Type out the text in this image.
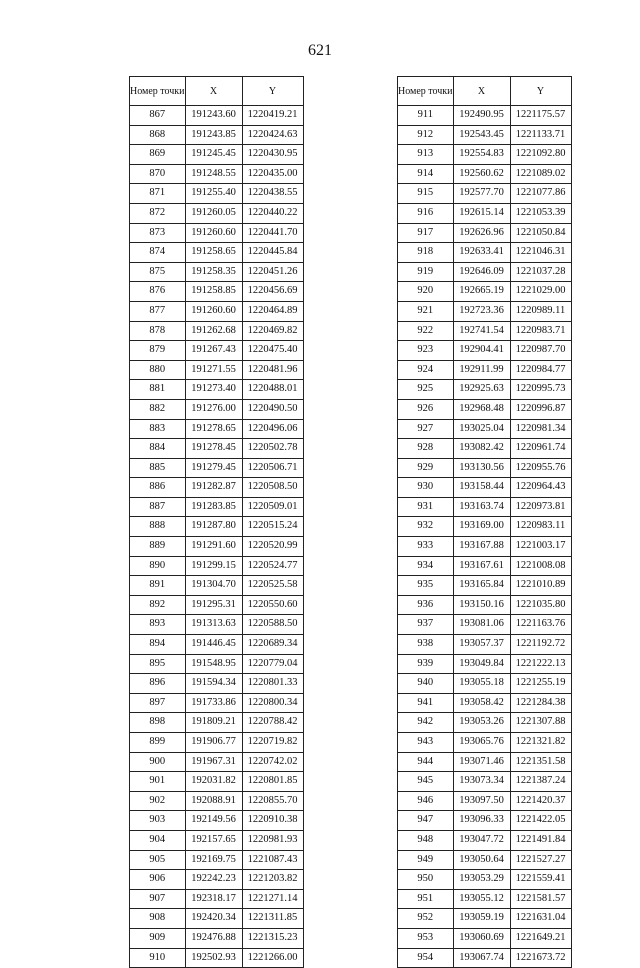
621
Номер точки	X	Y
867	191243.60	1220419.21
868	191243.85	1220424.63
869	191245.45	1220430.95
870	191248.55	1220435.00
871	191255.40	1220438.55
872	191260.05	1220440.22
873	191260.60	1220441.70
874	191258.65	1220445.84
875	191258.35	1220451.26
876	191258.85	1220456.69
877	191260.60	1220464.89
878	191262.68	1220469.82
879	191267.43	1220475.40
880	191271.55	1220481.96
881	191273.40	1220488.01
882	191276.00	1220490.50
883	191278.65	1220496.06
884	191278.45	1220502.78
885	191279.45	1220506.71
886	191282.87	1220508.50
887	191283.85	1220509.01
888	191287.80	1220515.24
889	191291.60	1220520.99
890	191299.15	1220524.77
891	191304.70	1220525.58
892	191295.31	1220550.60
893	191313.63	1220588.50
894	191446.45	1220689.34
895	191548.95	1220779.04
896	191594.34	1220801.33
897	191733.86	1220800.34
898	191809.21	1220788.42
899	191906.77	1220719.82
900	191967.31	1220742.02
901	192031.82	1220801.85
902	192088.91	1220855.70
903	192149.56	1220910.38
904	192157.65	1220981.93
905	192169.75	1221087.43
906	192242.23	1221203.82
907	192318.17	1221271.14
908	192420.34	1221311.85
909	192476.88	1221315.23
910	192502.93	1221266.00
Номер точки	X	Y
911	192490.95	1221175.57
912	192543.45	1221133.71
913	192554.83	1221092.80
914	192560.62	1221089.02
915	192577.70	1221077.86
916	192615.14	1221053.39
917	192626.96	1221050.84
918	192633.41	1221046.31
919	192646.09	1221037.28
920	192665.19	1221029.00
921	192723.36	1220989.11
922	192741.54	1220983.71
923	192904.41	1220987.70
924	192911.99	1220984.77
925	192925.63	1220995.73
926	192968.48	1220996.87
927	193025.04	1220981.34
928	193082.42	1220961.74
929	193130.56	1220955.76
930	193158.44	1220964.43
931	193163.74	1220973.81
932	193169.00	1220983.11
933	193167.88	1221003.17
934	193167.61	1221008.08
935	193165.84	1221010.89
936	193150.16	1221035.80
937	193081.06	1221163.76
938	193057.37	1221192.72
939	193049.84	1221222.13
940	193055.18	1221255.19
941	193058.42	1221284.38
942	193053.26	1221307.88
943	193065.76	1221321.82
944	193071.46	1221351.58
945	193073.34	1221387.24
946	193097.50	1221420.37
947	193096.33	1221422.05
948	193047.72	1221491.84
949	193050.64	1221527.27
950	193053.29	1221559.41
951	193055.12	1221581.57
952	193059.19	1221631.04
953	193060.69	1221649.21
954	193067.74	1221673.72
